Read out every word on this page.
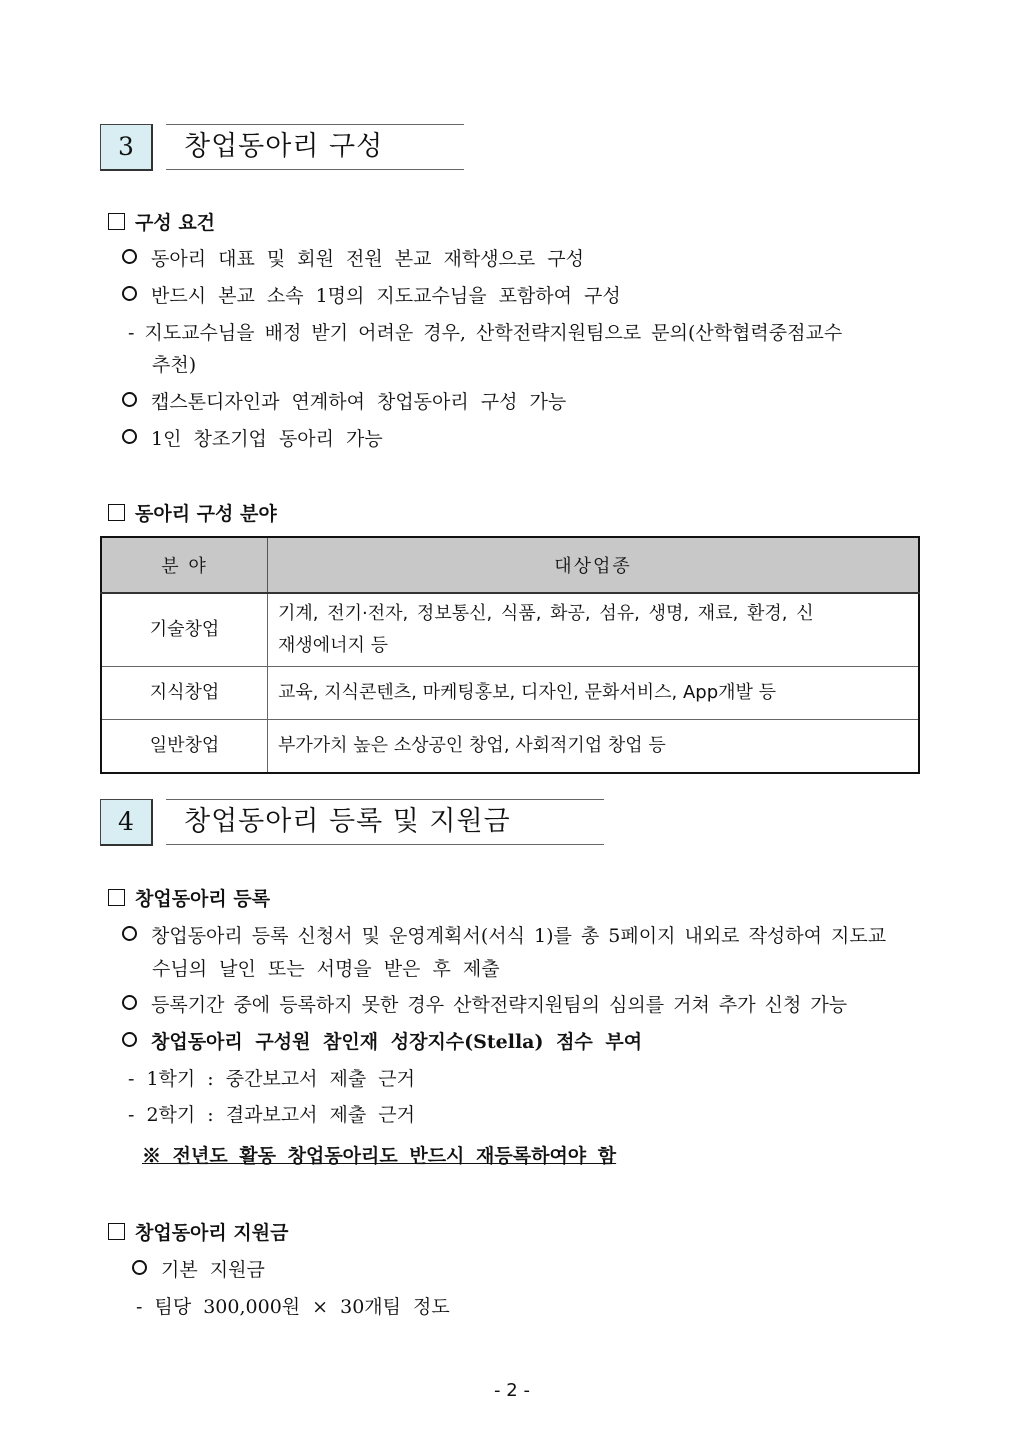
3	창업동아리 구성
구성 요건
동아리 대표 및 회원 전원 본교 재학생으로 구성
반드시 본교 소속 1명의 지도교수님을 포함하여 구성
- 지도교수님을 배정 받기 어려운 경우, 산학전략지원팀으로 문의(산학협력중점교수
추천)
캡스톤디자인과 연계하여 창업동아리 구성 가능
1인 창조기업 동아리 가능
동아리 구성 분야
분 야	대상업종
기술창업	기계, 전기·전자, 정보통신, 식품, 화공, 섬유, 생명, 재료, 환경, 신
재생에너지 등

지식창업	교육, 지식콘텐츠, 마케팅홍보, 디자인, 문화서비스, App개발 등
일반창업	부가가치 높은 소상공인 창업, 사회적기업 창업 등
4	창업동아리 등록 및 지원금
창업동아리 등록
창업동아리 등록 신청서 및 운영계획서(서식 1)를 총 5페이지 내외로 작성하여 지도교
수님의 날인 또는 서명을 받은 후 제출
등록기간 중에 등록하지 못한 경우 산학전략지원팀의 심의를 거쳐 추가 신청 가능
창업동아리 구성원 참인재 성장지수(Stella) 점수 부여
- 1학기 : 중간보고서 제출 근거
- 2학기 : 결과보고서 제출 근거
※ 전년도 활동 창업동아리도 반드시 재등록하여야 함
창업동아리 지원금
기본 지원금
- 팀당 300,000원 × 30개팀 정도
- 2 -
